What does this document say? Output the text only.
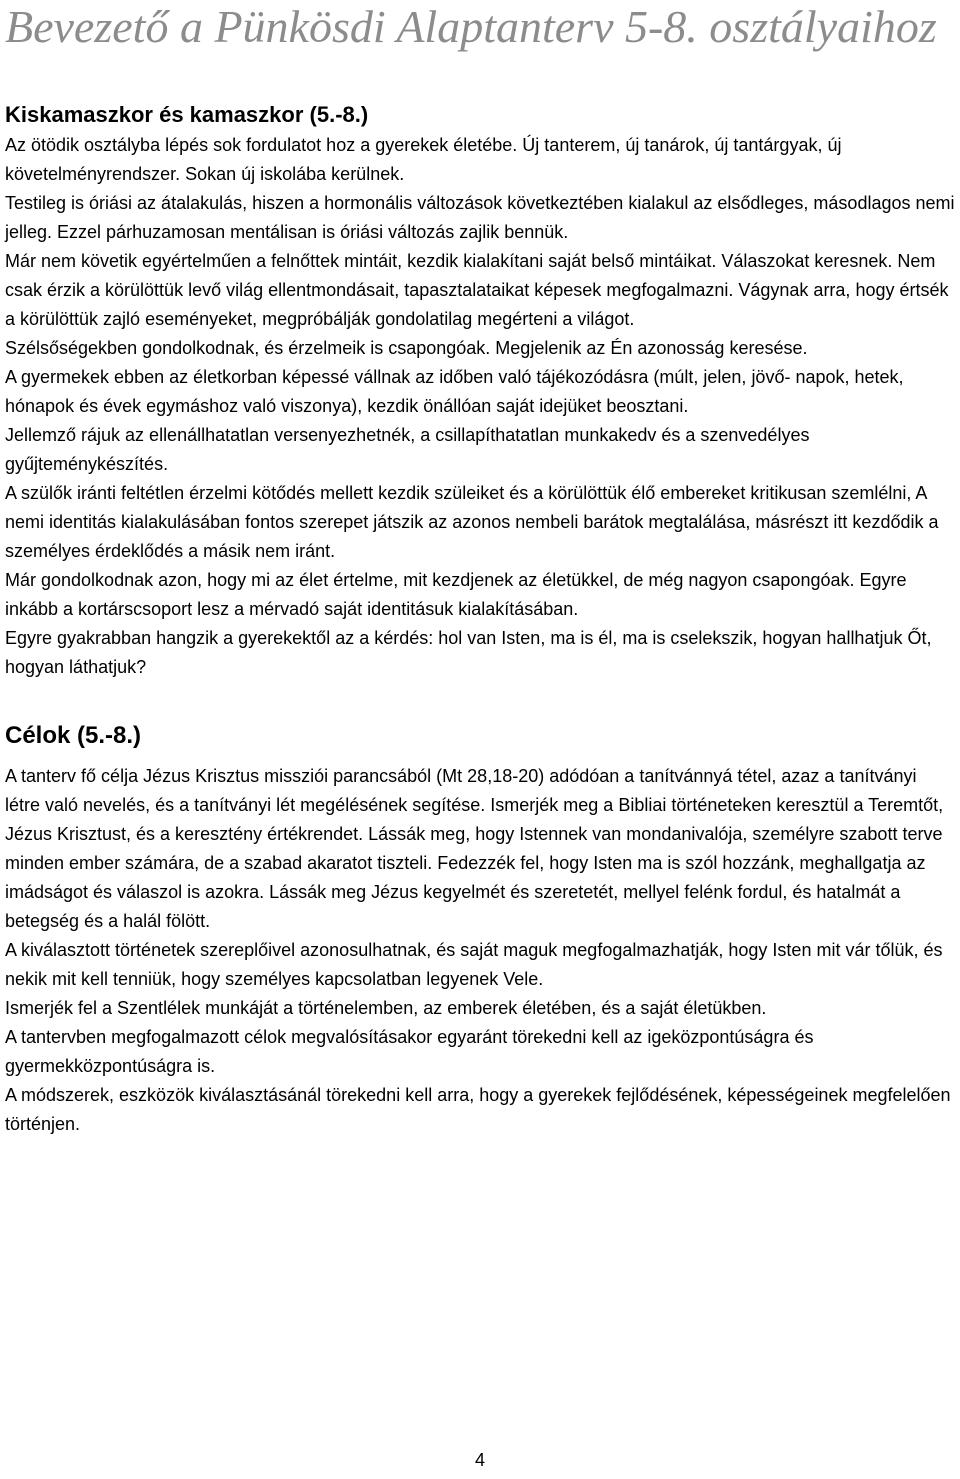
Bevezető a Pünkösdi Alaptanterv 5-8. osztályaihoz
Kiskamaszkor és kamaszkor (5.-8.)

Az ötödik osztályba lépés sok fordulatot hoz a gyerekek életébe. Új tanterem, új tanárok, új tantárgyak, új követelményrendszer. Sokan új iskolába kerülnek.

Testileg is óriási az átalakulás, hiszen a hormonális változások következtében kialakul az elsődleges, másodlagos nemi jelleg. Ezzel párhuzamosan mentálisan is óriási változás zajlik bennük.

Már nem követik egyértelműen a felnőttek mintáit, kezdik kialakítani saját belső mintáikat. Válaszokat keresnek. Nem csak érzik a körülöttük levő világ ellentmondásait, tapasztalataikat képesek megfogalmazni. Vágynak arra, hogy értsék a körülöttük zajló eseményeket, megpróbálják gondolatilag megérteni a világot.

Szélsőségekben gondolkodnak, és érzelmeik is csapongóak. Megjelenik az Én azonosság keresése.

A gyermekek ebben az életkorban képessé vállnak az időben való tájékozódásra (múlt, jelen, jövő- napok, hetek, hónapok és évek egymáshoz való viszonya), kezdik önállóan saját idejüket beosztani.

Jellemző rájuk az ellenállhatatlan versenyezhetnék, a csillapíthatatlan munkakedv és a szenvedélyes gyűjteménykészítés.

A szülők iránti feltétlen érzelmi kötődés mellett kezdik szüleiket és a körülöttük élő embereket kritikusan szemlélni, A nemi identitás kialakulásában fontos szerepet játszik az azonos nembeli barátok megtalálása, másrészt itt kezdődik a személyes érdeklődés a másik nem iránt.

Már gondolkodnak azon, hogy mi az élet értelme, mit kezdjenek az életükkel, de még nagyon csapongóak. Egyre inkább a kortárscsoport lesz a mérvadó saját identitásuk kialakításában.

Egyre gyakrabban hangzik a gyerekektől az a kérdés: hol van Isten, ma is él, ma is cselekszik, hogyan hallhatjuk Őt, hogyan láthatjuk?

Célok (5.-8.)

A tanterv fő célja Jézus Krisztus missziói parancsából (Mt 28,18-20) adódóan a tanítvánnyá tétel, azaz a tanítványi létre való nevelés, és a tanítványi lét megélésének segítése. Ismerjék meg a Bibliai történeteken keresztül a Teremtőt, Jézus Krisztust, és a keresztény értékrendet. Lássák meg, hogy Istennek van mondanivalója, személyre szabott terve minden ember számára, de a szabad akaratot tiszteli. Fedezzék fel, hogy Isten ma is szól hozzánk, meghallgatja az imádságot és válaszol is azokra. Lássák meg Jézus kegyelmét és szeretetét, mellyel felénk fordul, és hatalmát a betegség és a halál fölött.

A kiválasztott történetek szereplőivel azonosulhatnak, és saját maguk megfogalmazhatják, hogy Isten mit vár tőlük, és nekik mit kell tenniük, hogy személyes kapcsolatban legyenek Vele.

Ismerjék fel a Szentlélek munkáját a történelemben, az emberek életében, és a saját életükben.

A tantervben megfogalmazott célok megvalósításakor egyaránt törekedni kell az igeközpontúságra és gyermekközpontúságra is.

A módszerek, eszközök kiválasztásánál törekedni kell arra, hogy a gyerekek fejlődésének, képességeinek megfelelően történjen.

4
